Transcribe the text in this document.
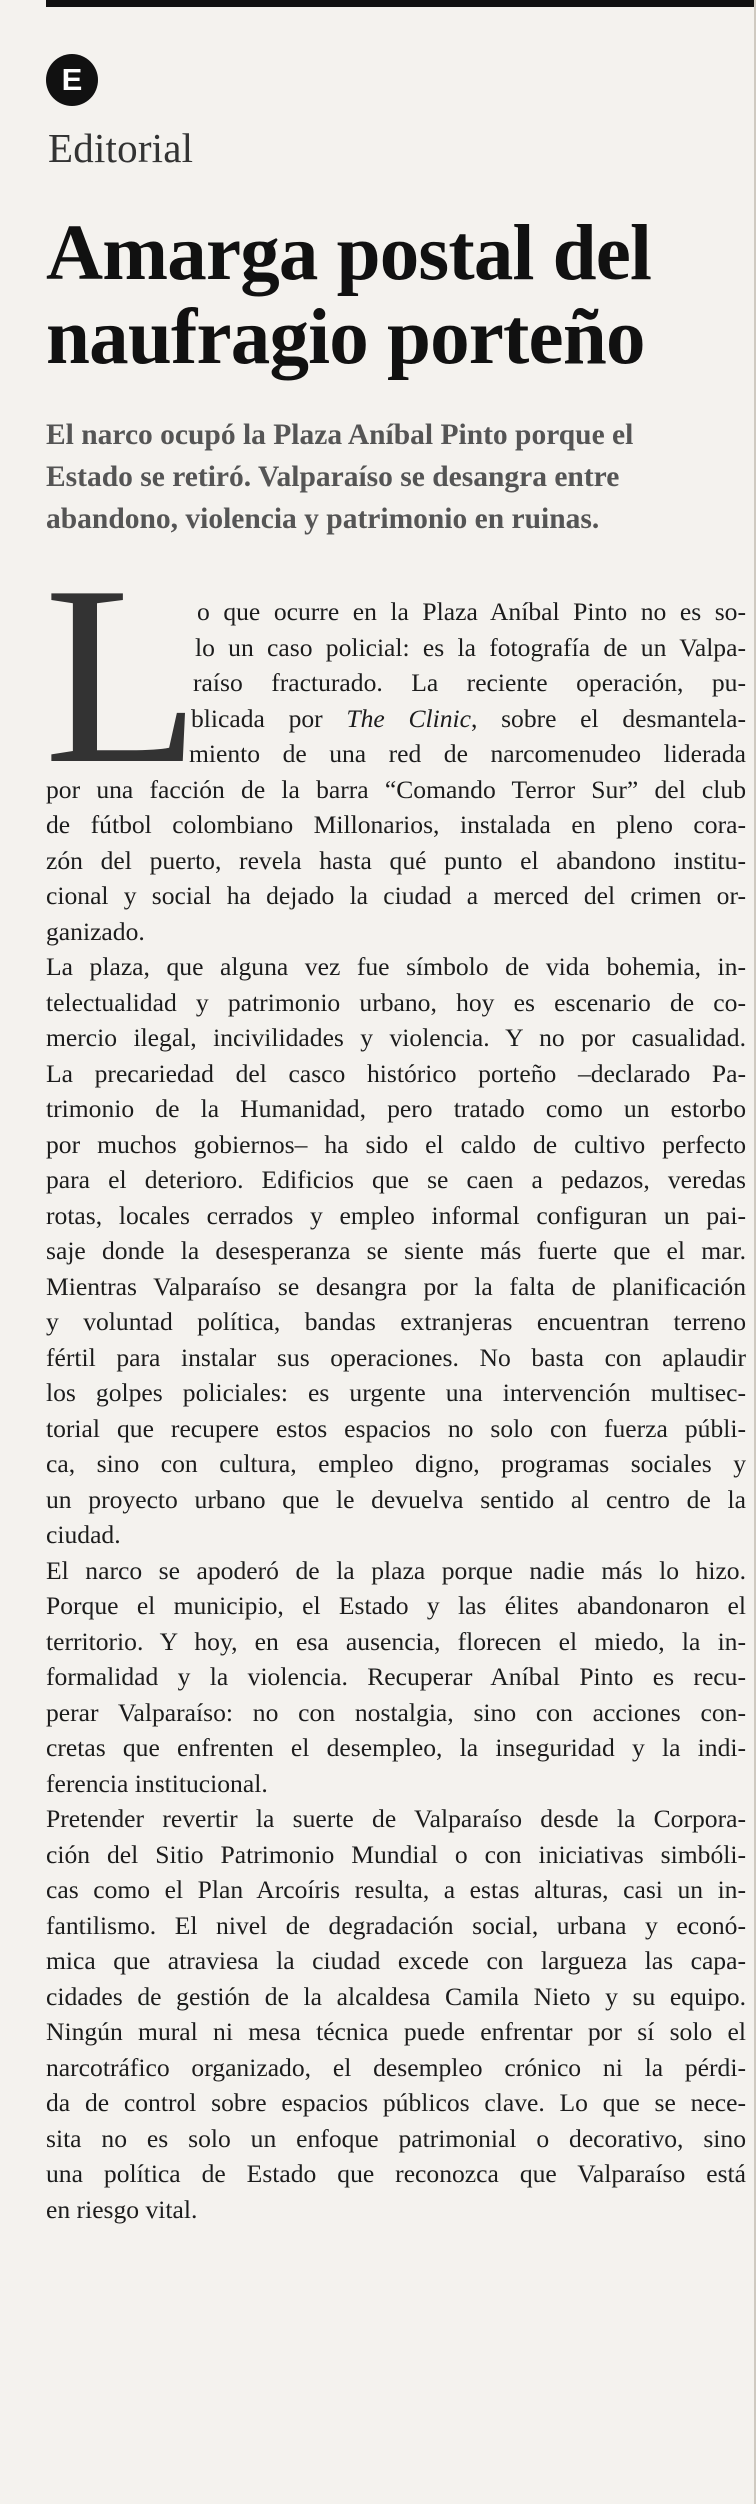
E
Editorial
Amarga postal del
naufragio porteño
El narco ocupó la Plaza Aníbal Pinto porque el
Estado se retiró. Valparaíso se desangra entre
abandono, violencia y patrimonio en ruinas.
L
o que ocurre en la Plaza Aníbal Pinto no es so-
lo un caso policial: es la fotografía de un Valpa-
raíso fracturado. La reciente operación, pu-
blicada por The Clinic, sobre el desmantela-
miento de una red de narcomenudeo liderada
por una facción de la barra “Comando Terror Sur” del club
de fútbol colombiano Millonarios, instalada en pleno cora-
zón del puerto, revela hasta qué punto el abandono institu-
cional y social ha dejado la ciudad a merced del crimen or-
ganizado.
La plaza, que alguna vez fue símbolo de vida bohemia, in-
telectualidad y patrimonio urbano, hoy es escenario de co-
mercio ilegal, incivilidades y violencia. Y no por casualidad.
La precariedad del casco histórico porteño –declarado Pa-
trimonio de la Humanidad, pero tratado como un estorbo
por muchos gobiernos– ha sido el caldo de cultivo perfecto
para el deterioro. Edificios que se caen a pedazos, veredas
rotas, locales cerrados y empleo informal configuran un pai-
saje donde la desesperanza se siente más fuerte que el mar.
Mientras Valparaíso se desangra por la falta de planificación
y voluntad política, bandas extranjeras encuentran terreno
fértil para instalar sus operaciones. No basta con aplaudir
los golpes policiales: es urgente una intervención multisec-
torial que recupere estos espacios no solo con fuerza públi-
ca, sino con cultura, empleo digno, programas sociales y
un proyecto urbano que le devuelva sentido al centro de la
ciudad.
El narco se apoderó de la plaza porque nadie más lo hizo.
Porque el municipio, el Estado y las élites abandonaron el
territorio. Y hoy, en esa ausencia, florecen el miedo, la in-
formalidad y la violencia. Recuperar Aníbal Pinto es recu-
perar Valparaíso: no con nostalgia, sino con acciones con-
cretas que enfrenten el desempleo, la inseguridad y la indi-
ferencia institucional.
Pretender revertir la suerte de Valparaíso desde la Corpora-
ción del Sitio Patrimonio Mundial o con iniciativas simbóli-
cas como el Plan Arcoíris resulta, a estas alturas, casi un in-
fantilismo. El nivel de degradación social, urbana y econó-
mica que atraviesa la ciudad excede con largueza las capa-
cidades de gestión de la alcaldesa Camila Nieto y su equipo.
Ningún mural ni mesa técnica puede enfrentar por sí solo el
narcotráfico organizado, el desempleo crónico ni la pérdi-
da de control sobre espacios públicos clave. Lo que se nece-
sita no es solo un enfoque patrimonial o decorativo, sino
una política de Estado que reconozca que Valparaíso está
en riesgo vital.
